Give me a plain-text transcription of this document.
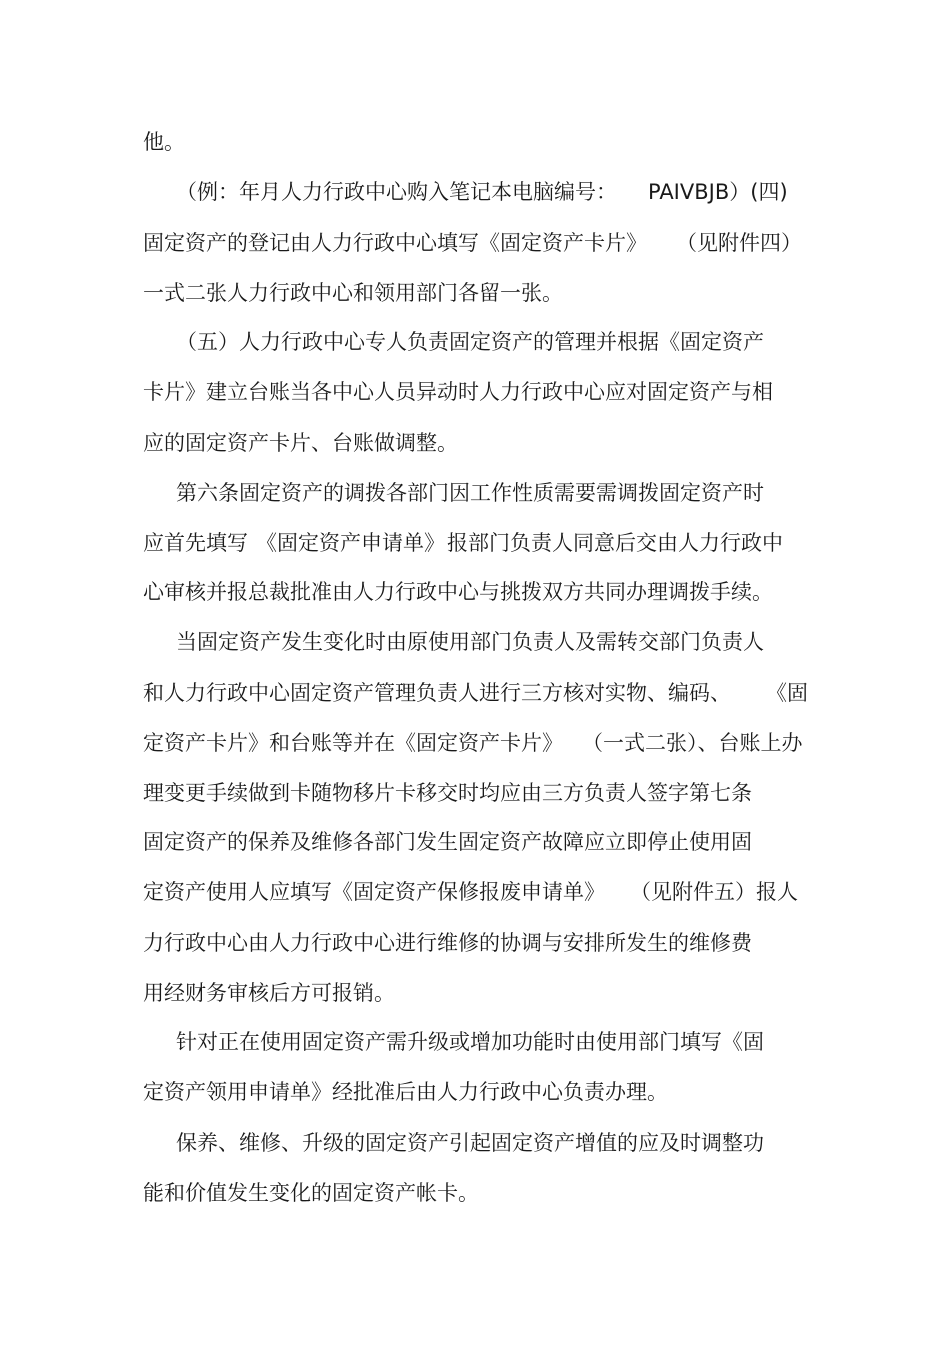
他。

（例：年月人力行政中心购入笔记本电脑编号：

PAIVBJB）(四)

固定资产的登记由人力行政中心填写《固定资产卡片》

（见附件四）

一式二张人力行政中心和领用部门各留一张。

（五）人力行政中心专人负责固定资产的管理并根据《固定资产

卡片》建立台账当各中心人员异动时人力行政中心应对固定资产与相

应的固定资产卡片、台账做调整。

第六条固定资产的调拨各部门因工作性质需要需调拨固定资产时

应首先填写

《固定资产申请单》

报部门负责人同意后交由人力行政中

心审核并报总裁批准由人力行政中心与挑拨双方共同办理调拨手续。

当固定资产发生变化时由原使用部门负责人及需转交部门负责人

和人力行政中心固定资产管理负责人进行三方核对实物、编码、

《固

定资产卡片》和台账等并在《固定资产卡片》

（一式二张）、台账上办

理变更手续做到卡随物移片卡移交时均应由三方负责人签字第七条

固定资产的保养及维修各部门发生固定资产故障应立即停止使用固

定资产使用人应填写《固定资产保修报废申请单》

（见附件五）报人

力行政中心由人力行政中心进行维修的协调与安排所发生的维修费

用经财务审核后方可报销。

针对正在使用固定资产需升级或增加功能时由使用部门填写《固

定资产领用申请单》经批准后由人力行政中心负责办理。

保养、维修、升级的固定资产引起固定资产增值的应及时调整功

能和价值发生变化的固定资产帐卡。
